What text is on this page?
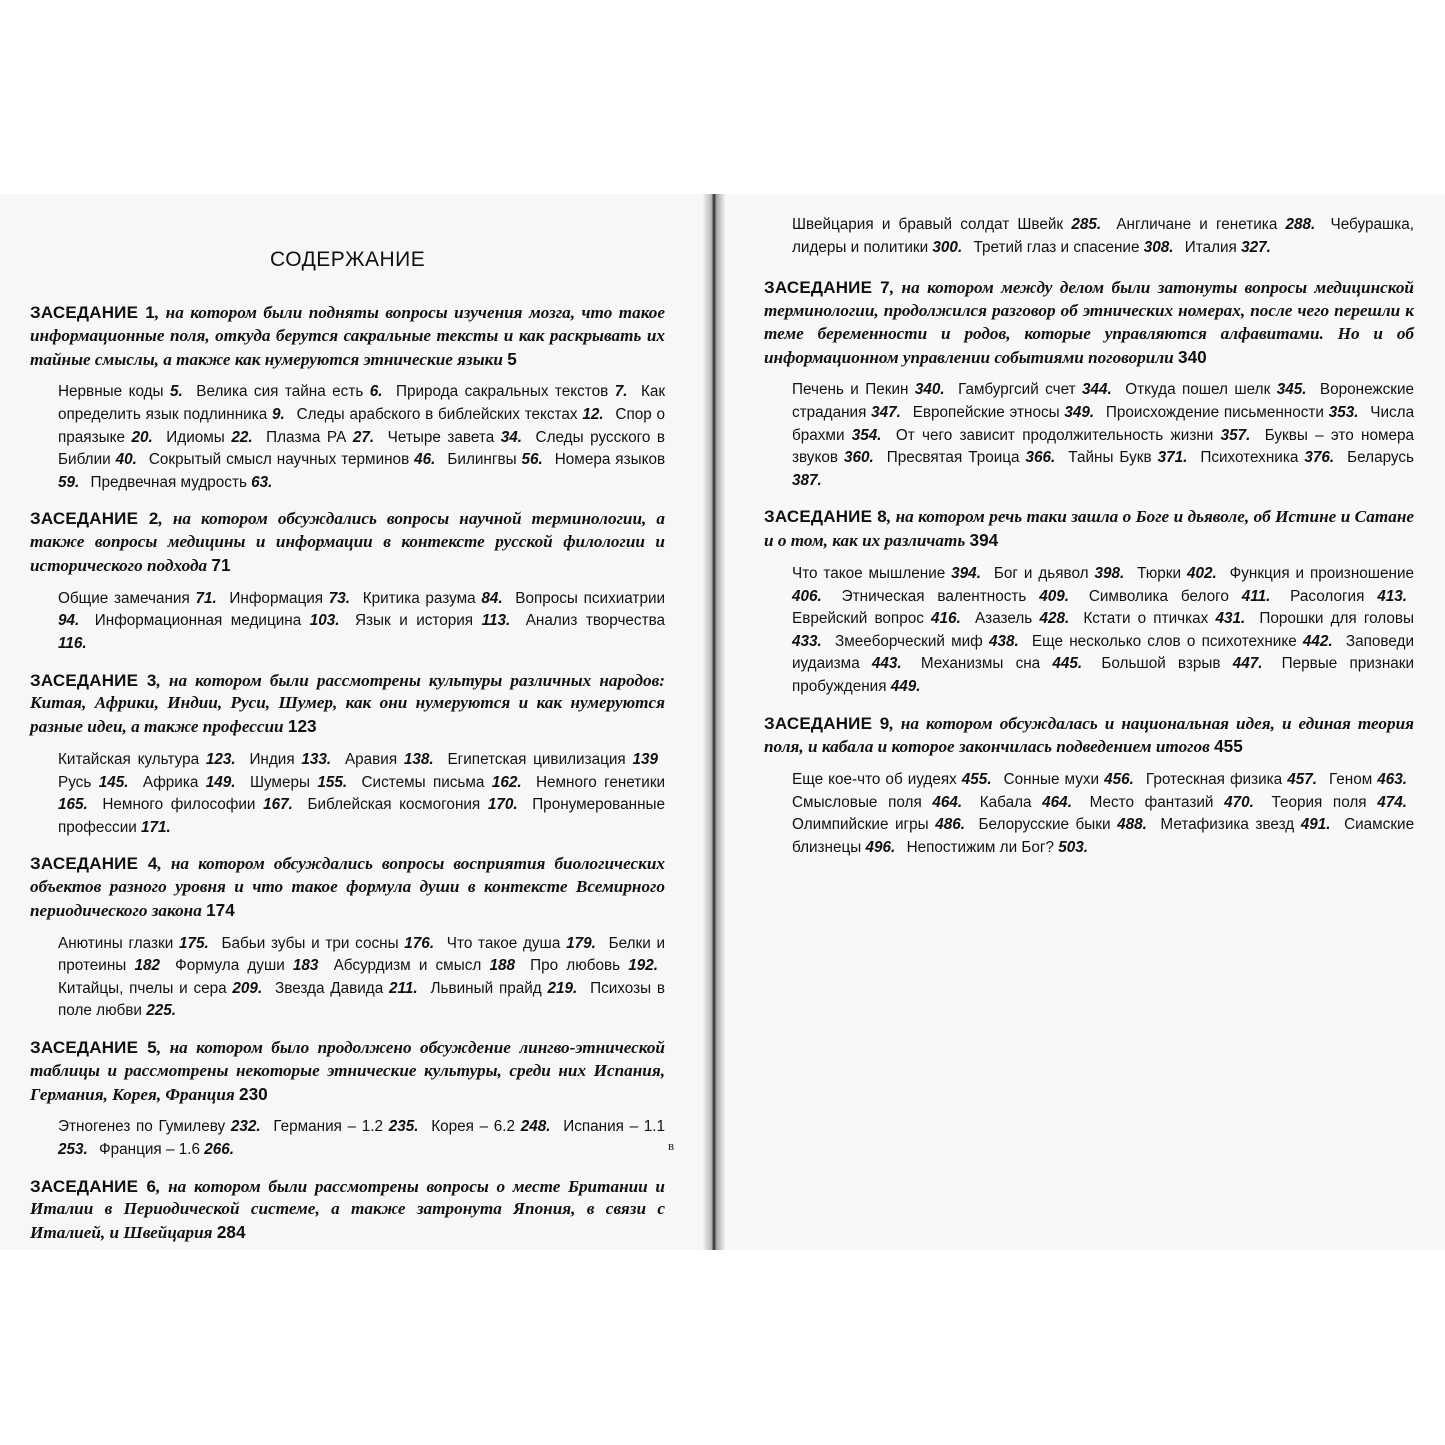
СОДЕРЖАНИЕ
ЗАСЕДАНИЕ 1, на котором были подняты вопросы изучения мозга, что такое информационные поля, откуда берутся сакральные тексты и как раскрывать их тайные смыслы, а также как нумеруются этнические языки 5
Нервные коды 5. Велика сия тайна есть 6. Природа сакральных текстов 7. Как определить язык подлинника 9. Следы арабского в библейских текстах 12. Спор о праязыке 20. Идиомы 22. Плазма РА 27. Четыре завета 34. Следы русского в Библии 40. Сокрытый смысл научных терминов 46. Билингвы 56. Номера языков 59. Предвечная мудрость 63.
ЗАСЕДАНИЕ 2, на котором обсуждались вопросы научной терминологии, а также вопросы медицины и информации в контексте русской филологии и исторического подхода 71
Общие замечания 71. Информация 73. Критика разума 84. Вопросы психиатрии 94. Информационная медицина 103. Язык и история 113. Анализ творчества 116.
ЗАСЕДАНИЕ 3, на котором были рассмотрены культуры различных народов: Китая, Африки, Индии, Руси, Шумер, как они нумеруются и как нумеруются разные идеи, а также профессии 123
Китайская культура 123. Индия 133. Аравия 138. Египетская цивилизация 139 Русь 145. Африка 149. Шумеры 155. Системы письма 162. Немного генетики 165. Немного философии 167. Библейская космогония 170. Пронумерованные профессии 171.
ЗАСЕДАНИЕ 4, на котором обсуждались вопросы восприятия биологических объектов разного уровня и что такое формула души в контексте Всемирного периодического закона 174
Анютины глазки 175. Бабьи зубы и три сосны 176. Что такое душа 179. Белки и протеины 182 Формула души 183 Абсурдизм и смысл 188 Про любовь 192. Китайцы, пчелы и сера 209. Звезда Давида 211. Львиный прайд 219. Психозы в поле любви 225.
ЗАСЕДАНИЕ 5, на котором было продолжено обсуждение лингво-этнической таблицы и рассмотрены некоторые этнические культуры, среди них Испания, Германия, Корея, Франция 230
Этногенез по Гумилеву 232. Германия – 1.2 235. Корея – 6.2 248. Испания – 1.1 253. Франция – 1.6 266.
ЗАСЕДАНИЕ 6, на котором были рассмотрены вопросы о месте Британии и Италии в Периодической системе, а также затронута Япония, в связи с Италией, и Швейцария 284
в
Швейцария и бравый солдат Швейк 285. Англичане и генетика 288. Чебурашка, лидеры и политики 300. Третий глаз и спасение 308. Италия 327.
ЗАСЕДАНИЕ 7, на котором между делом были затонуты вопросы медицинской терминологии, продолжился разговор об этнических номерах, после чего перешли к теме беременности и родов, которые управляются алфавитами. Но и об информационном управлении событиями поговорили 340
Печень и Пекин 340. Гамбургсий счет 344. Откуда пошел шелк 345. Воронежские страдания 347. Европейские этносы 349. Происхождение письменности 353. Числа брахми 354. От чего зависит продолжительность жизни 357. Буквы – это номера звуков 360. Пресвятая Троица 366. Тайны Букв 371. Психотехника 376. Беларусь 387.
ЗАСЕДАНИЕ 8, на котором речь таки зашла о Боге и дьяволе, об Истине и Сатане и о том, как их различать 394
Что такое мышление 394. Бог и дьявол 398. Тюрки 402. Функция и произношение 406. Этническая валентность 409. Символика белого 411. Расология 413. Еврейский вопрос 416. Азазель 428. Кстати о птичках 431. Порошки для головы 433. Змееборческий миф 438. Еще несколько слов о психотехнике 442. Заповеди иудаизма 443. Механизмы сна 445. Большой взрыв 447. Первые признаки пробуждения 449.
ЗАСЕДАНИЕ 9, на котором обсуждалась и национальная идея, и единая теория поля, и кабала и которое закончилась подведением итогов 455
Еще кое-что об иудеях 455. Сонные мухи 456. Гротескная физика 457. Геном 463. Смысловые поля 464. Кабала 464. Место фантазий 470. Теория поля 474. Олимпийские игры 486. Белорусские быки 488. Метафизика звезд 491. Сиамские близнецы 496. Непостижим ли Бог? 503.
